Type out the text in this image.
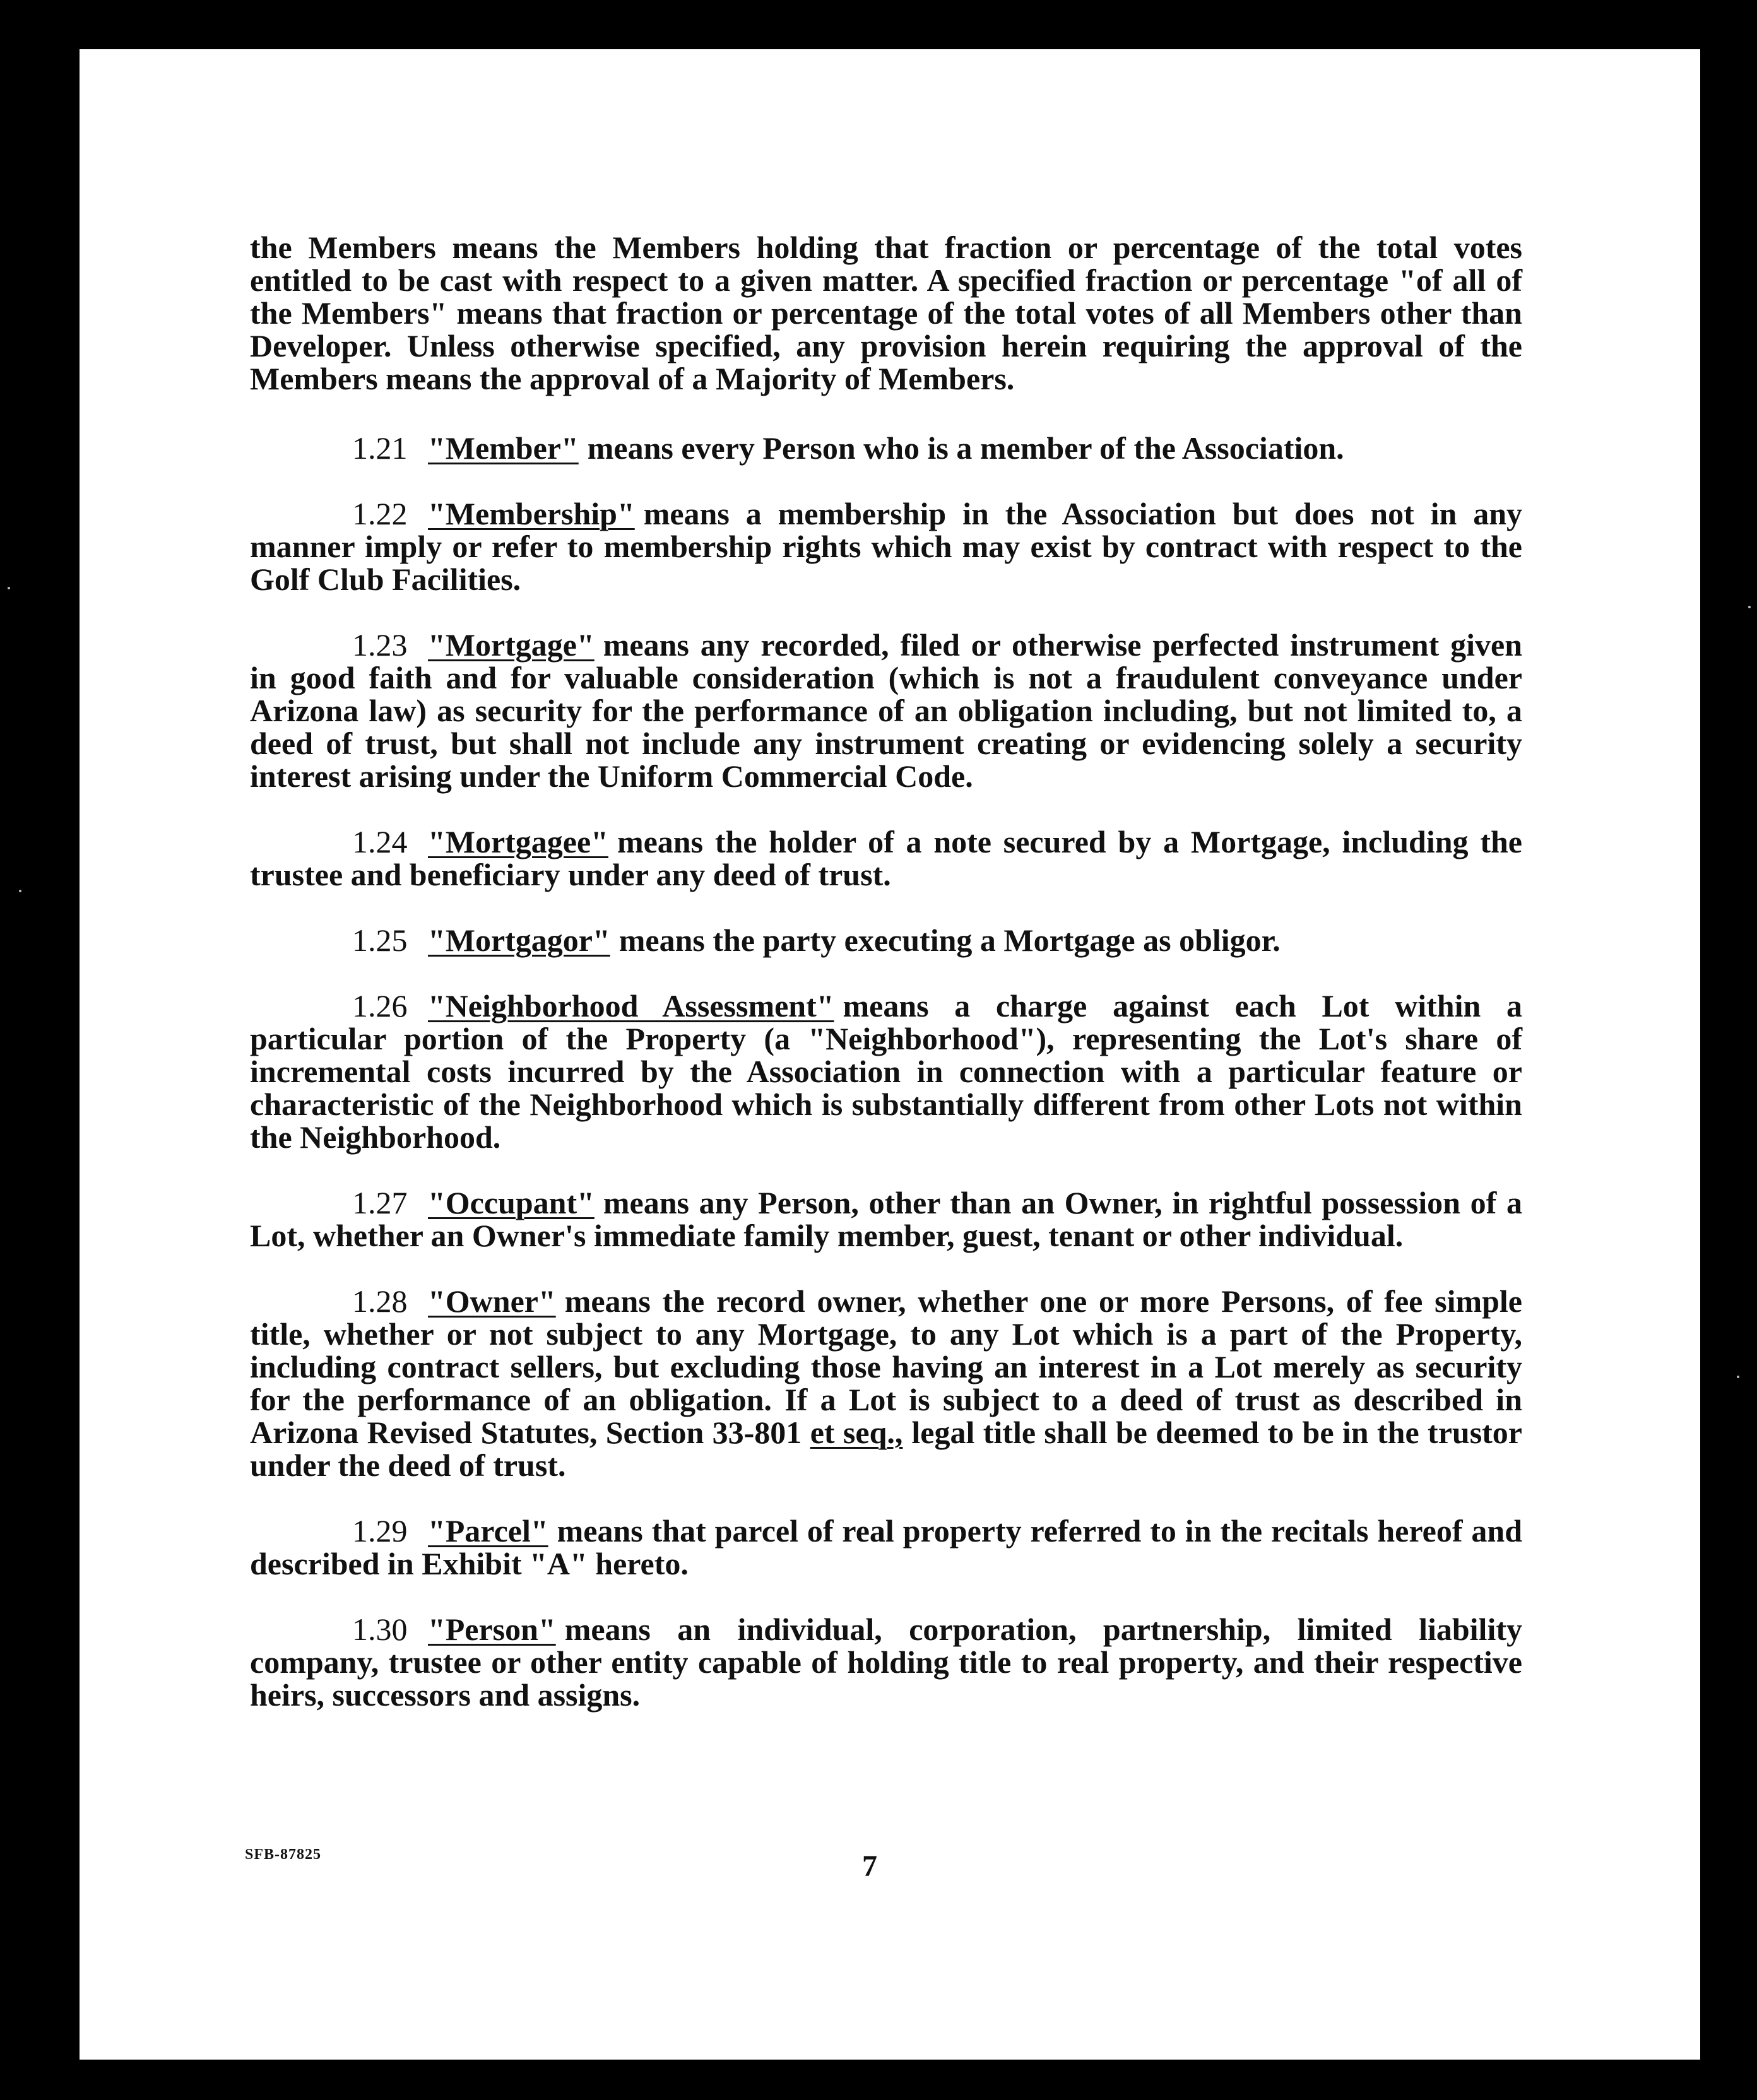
the Members means the Members holding that fraction or percentage of the total votes entitled to be cast with respect to a given matter. A specified fraction or percentage "of all of the Members" means that fraction or percentage of the total votes of all Members other than Developer. Unless otherwise specified, any provision herein requiring the approval of the Members means the approval of a Majority of Members.

1.21 "Member" means every Person who is a member of the Association.

1.22 "Membership" means a membership in the Association but does not in any manner imply or refer to membership rights which may exist by contract with respect to the Golf Club Facilities.

1.23 "Mortgage" means any recorded, filed or otherwise perfected instrument given in good faith and for valuable consideration (which is not a fraudulent conveyance under Arizona law) as security for the performance of an obligation including, but not limited to, a deed of trust, but shall not include any instrument creating or evidencing solely a security interest arising under the Uniform Commercial Code.

1.24 "Mortgagee" means the holder of a note secured by a Mortgage, including the trustee and beneficiary under any deed of trust.

1.25 "Mortgagor" means the party executing a Mortgage as obligor.

1.26 "Neighborhood Assessment" means a charge against each Lot within a particular portion of the Property (a "Neighborhood"), representing the Lot's share of incremental costs incurred by the Association in connection with a particular feature or characteristic of the Neighborhood which is substantially different from other Lots not within the Neighborhood.

1.27 "Occupant" means any Person, other than an Owner, in rightful possession of a Lot, whether an Owner's immediate family member, guest, tenant or other individual.

1.28 "Owner" means the record owner, whether one or more Persons, of fee simple title, whether or not subject to any Mortgage, to any Lot which is a part of the Property, including contract sellers, but excluding those having an interest in a Lot merely as security for the performance of an obligation. If a Lot is subject to a deed of trust as described in Arizona Revised Statutes, Section 33-801 et seq., legal title shall be deemed to be in the trustor under the deed of trust.

1.29 "Parcel" means that parcel of real property referred to in the recitals hereof and described in Exhibit "A" hereto.

1.30 "Person" means an individual, corporation, partnership, limited liability company, trustee or other entity capable of holding title to real property, and their respective heirs, successors and assigns.

SFB-87825	7
